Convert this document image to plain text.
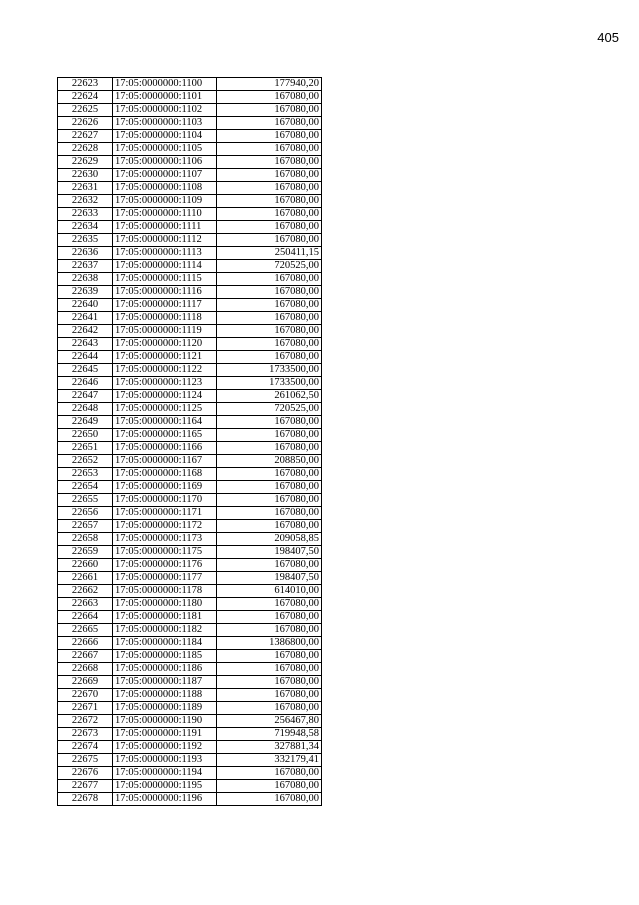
405
22623	17:05:0000000:1100	177940,20
22624	17:05:0000000:1101	167080,00
22625	17:05:0000000:1102	167080,00
22626	17:05:0000000:1103	167080,00
22627	17:05:0000000:1104	167080,00
22628	17:05:0000000:1105	167080,00
22629	17:05:0000000:1106	167080,00
22630	17:05:0000000:1107	167080,00
22631	17:05:0000000:1108	167080,00
22632	17:05:0000000:1109	167080,00
22633	17:05:0000000:1110	167080,00
22634	17:05:0000000:1111	167080,00
22635	17:05:0000000:1112	167080,00
22636	17:05:0000000:1113	250411,15
22637	17:05:0000000:1114	720525,00
22638	17:05:0000000:1115	167080,00
22639	17:05:0000000:1116	167080,00
22640	17:05:0000000:1117	167080,00
22641	17:05:0000000:1118	167080,00
22642	17:05:0000000:1119	167080,00
22643	17:05:0000000:1120	167080,00
22644	17:05:0000000:1121	167080,00
22645	17:05:0000000:1122	1733500,00
22646	17:05:0000000:1123	1733500,00
22647	17:05:0000000:1124	261062,50
22648	17:05:0000000:1125	720525,00
22649	17:05:0000000:1164	167080,00
22650	17:05:0000000:1165	167080,00
22651	17:05:0000000:1166	167080,00
22652	17:05:0000000:1167	208850,00
22653	17:05:0000000:1168	167080,00
22654	17:05:0000000:1169	167080,00
22655	17:05:0000000:1170	167080,00
22656	17:05:0000000:1171	167080,00
22657	17:05:0000000:1172	167080,00
22658	17:05:0000000:1173	209058,85
22659	17:05:0000000:1175	198407,50
22660	17:05:0000000:1176	167080,00
22661	17:05:0000000:1177	198407,50
22662	17:05:0000000:1178	614010,00
22663	17:05:0000000:1180	167080,00
22664	17:05:0000000:1181	167080,00
22665	17:05:0000000:1182	167080,00
22666	17:05:0000000:1184	1386800,00
22667	17:05:0000000:1185	167080,00
22668	17:05:0000000:1186	167080,00
22669	17:05:0000000:1187	167080,00
22670	17:05:0000000:1188	167080,00
22671	17:05:0000000:1189	167080,00
22672	17:05:0000000:1190	256467,80
22673	17:05:0000000:1191	719948,58
22674	17:05:0000000:1192	327881,34
22675	17:05:0000000:1193	332179,41
22676	17:05:0000000:1194	167080,00
22677	17:05:0000000:1195	167080,00
22678	17:05:0000000:1196	167080,00
